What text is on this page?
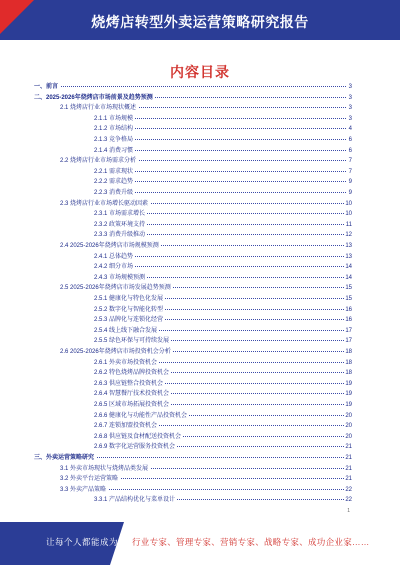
烧烤店转型外卖运营策略研究报告
内容目录
一、前言	3
二、2025-2026年烧烤店市场前景及趋势预测	3
2.1 烧烤店行业市场现状概述	3
2.1.1 市场规模	3
2.1.2 市场结构	4
2.1.3 竞争格局	6
2.1.4 消费习惯	6
2.2 烧烤店行业市场需求分析	7
2.2.1 需求现状	7
2.2.2 需求趋势	9
2.2.3 消费升级	9
2.3 烧烤店行业市场增长驱动因素	10
2.3.1 市场需求增长	10
2.3.2 政策环境支持	11
2.3.3 消费升级推动	12
2.4 2025-2026年烧烤店市场规模预测	13
2.4.1 总体趋势	13
2.4.2 细分市场	14
2.4.3 市场规模预测	14
2.5 2025-2026年烧烤店市场发展趋势预测	15
2.5.1 健康化与特色化发展	15
2.5.2 数字化与智能化转型	16
2.5.3 品牌化与连锁化经营	16
2.5.4 线上线下融合发展	17
2.5.5 绿色环保与可持续发展	17
2.6 2025-2026年烧烤店市场投资机会分析	18
2.6.1 外卖市场投资机会	18
2.6.2 特色烧烤品牌投资机会	18
2.6.3 供应链整合投资机会	19
2.6.4 智慧餐厅技术投资机会	19
2.6.5 区域市场拓展投资机会	19
2.6.6 健康化与功能性产品投资机会	20
2.6.7 连锁加盟投资机会	20
2.6.8 供应链及食材配送投资机会	20
2.6.9 数字化运营服务投资机会	21
三、外卖运营策略研究	21
3.1 外卖市场现状与烧烤品类发展	21
3.2 外卖平台运营策略	21
3.3 外卖产品策略	22
3.3.1 产品结构优化与菜单设计	22
1
让每个人都能成为 行业专家、管理专家、营销专家、战略专家、成功企业家……
